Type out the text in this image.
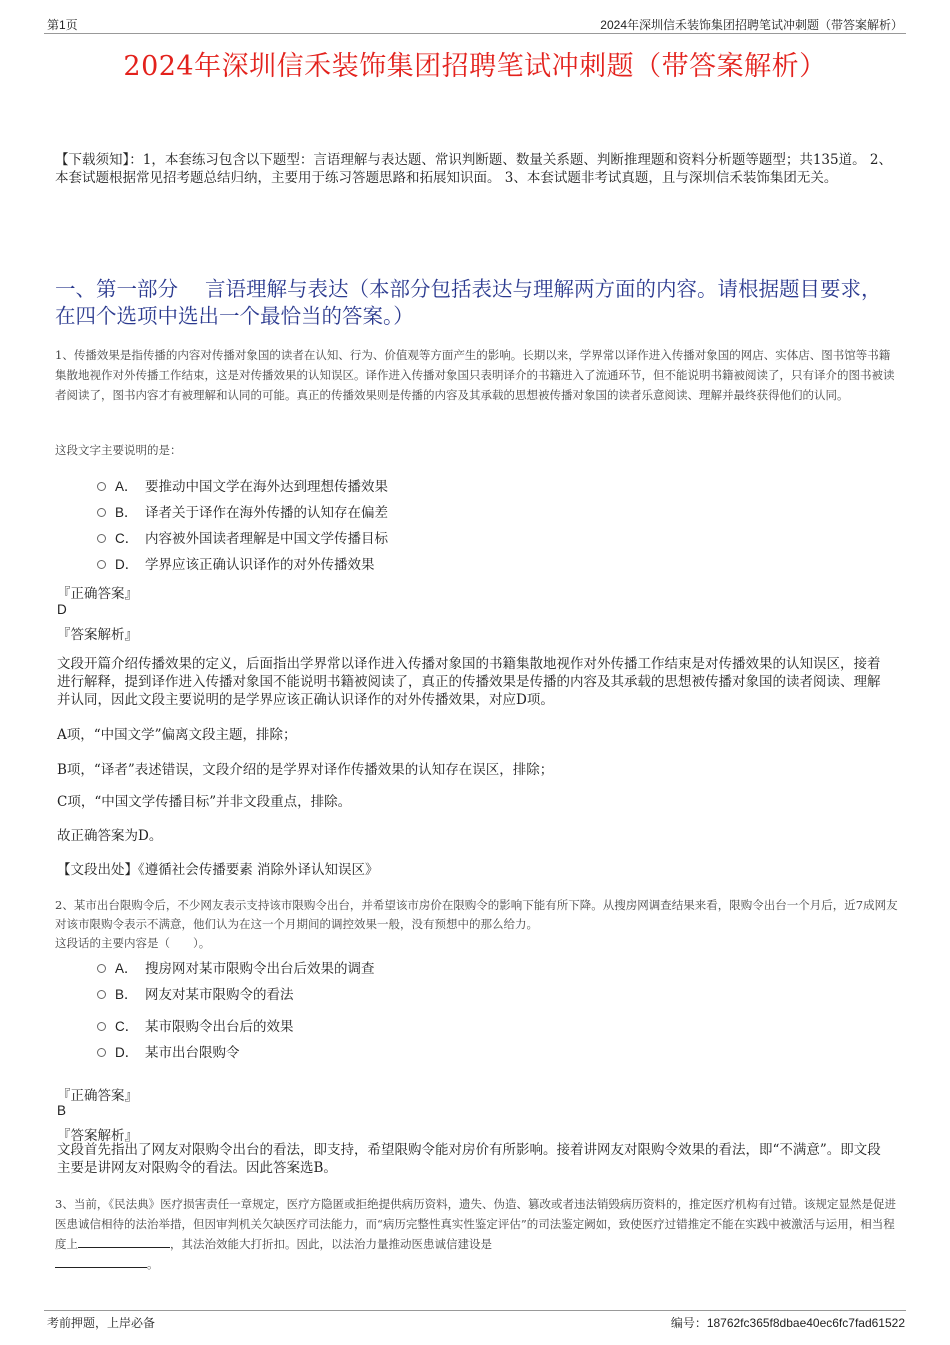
第1页	2024年深圳信禾装饰集团招聘笔试冲刺题（带答案解析）
2024年深圳信禾装饰集团招聘笔试冲刺题（带答案解析）
【下载须知】：1，本套练习包含以下题型：言语理解与表达题、常识判断题、数量关系题、判断推理题和资料分析题等题型；共135道。 2、本套试题根据常见招考题总结归纳，主要用于练习答题思路和拓展知识面。 3、本套试题非考试真题，且与深圳信禾装饰集团无关。
一、第一部分　 言语理解与表达（本部分包括表达与理解两方面的内容。请根据题目要求，在四个选项中选出一个最恰当的答案。）
1、传播效果是指传播的内容对传播对象国的读者在认知、行为、价值观等方面产生的影响。长期以来，学界常以译作进入传播对象国的网店、实体店、图书馆等书籍集散地视作对外传播工作结束，这是对传播效果的认知误区。译作进入传播对象国只表明译介的书籍进入了流通环节，但不能说明书籍被阅读了，只有译介的图书被读者阅读了，图书内容才有被理解和认同的可能。真正的传播效果则是传播的内容及其承载的思想被传播对象国的读者乐意阅读、理解并最终获得他们的认同。
这段文字主要说明的是：
A． 要推动中国文学在海外达到理想传播效果
B． 译者关于译作在海外传播的认知存在偏差
C． 内容被外国读者理解是中国文学传播目标
D． 学界应该正确认识译作的对外传播效果
『正确答案』
D
『答案解析』
文段开篇介绍传播效果的定义，后面指出学界常以译作进入传播对象国的书籍集散地视作对外传播工作结束是对传播效果的认知误区，接着进行解释，提到译作进入传播对象国不能说明书籍被阅读了，真正的传播效果是传播的内容及其承载的思想被传播对象国的读者阅读、理解并认同，因此文段主要说明的是学界应该正确认识译作的对外传播效果，对应D项。
A项，“中国文学”偏离文段主题，排除；
B项，“译者”表述错误，文段介绍的是学界对译作传播效果的认知存在误区，排除；
C项，“中国文学传播目标”并非文段重点，排除。
故正确答案为D。
【文段出处】《遵循社会传播要素 消除外译认知误区》
2、某市出台限购令后，不少网友表示支持该市限购令出台，并希望该市房价在限购令的影响下能有所下降。从搜房网调查结果来看，限购令出台一个月后，近7成网友对该市限购令表示不满意，他们认为在这一个月期间的调控效果一般，没有预想中的那么给力。
这段话的主要内容是（　　）。
A． 搜房网对某市限购令出台后效果的调查
B． 网友对某市限购令的看法
C． 某市限购令出台后的效果
D． 某市出台限购令
『正确答案』
B
『答案解析』
文段首先指出了网友对限购令出台的看法，即支持，希望限购令能对房价有所影响。接着讲网友对限购令效果的看法，即“不满意”。即文段主要是讲网友对限购令的看法。因此答案选B。
3、当前，《民法典》医疗损害责任一章规定，医疗方隐匿或拒绝提供病历资料，遗失、伪造、篡改或者违法销毁病历资料的，推定医疗机构有过错。该规定显然是促进医患诚信相待的法治举措，但因审判机关欠缺医疗司法能力，而“病历完整性真实性鉴定评估”的司法鉴定阙如，致使医疗过错推定不能在实践中被激活与运用，相当程度上	，其法治效能大打折扣。因此，以法治力量推动医患诚信建设是
。
考前押题，上岸必备	编号：18762fc365f8dbae40ec6fc7fad61522
